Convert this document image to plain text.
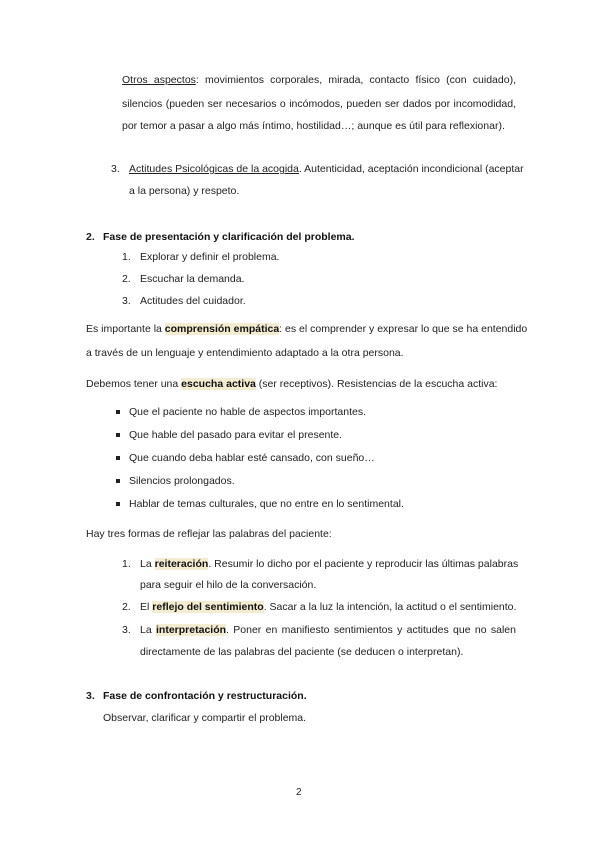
Otros aspectos: movimientos corporales, mirada, contacto físico (con cuidado),
silencios (pueden ser necesarios o incómodos, pueden ser dados por incomodidad,
por temor a pasar a algo más íntimo, hostilidad…; aunque es útil para reflexionar).
3. Actitudes Psicológicas de la acogida. Autenticidad, aceptación incondicional (aceptar
a la persona) y respeto.
2. Fase de presentación y clarificación del problema.
1. Explorar y definir el problema.
2. Escuchar la demanda.
3. Actitudes del cuidador.
Es importante la comprensión empática: es el comprender y expresar lo que se ha entendido
a través de un lenguaje y entendimiento adaptado a la otra persona.
Debemos tener una escucha activa (ser receptivos). Resistencias de la escucha activa:
Que el paciente no hable de aspectos importantes.
Que hable del pasado para evitar el presente.
Que cuando deba hablar esté cansado, con sueño…
Silencios prolongados.
Hablar de temas culturales, que no entre en lo sentimental.
Hay tres formas de reflejar las palabras del paciente:
1. La reiteración. Resumir lo dicho por el paciente y reproducir las últimas palabras
para seguir el hilo de la conversación.
2. El reflejo del sentimiento. Sacar a la luz la intención, la actitud o el sentimiento.
3. La interpretación. Poner en manifiesto sentimientos y actitudes que no salen
directamente de las palabras del paciente (se deducen o interpretan).
3. Fase de confrontación y restructuración.
Observar, clarificar y compartir el problema.
2
